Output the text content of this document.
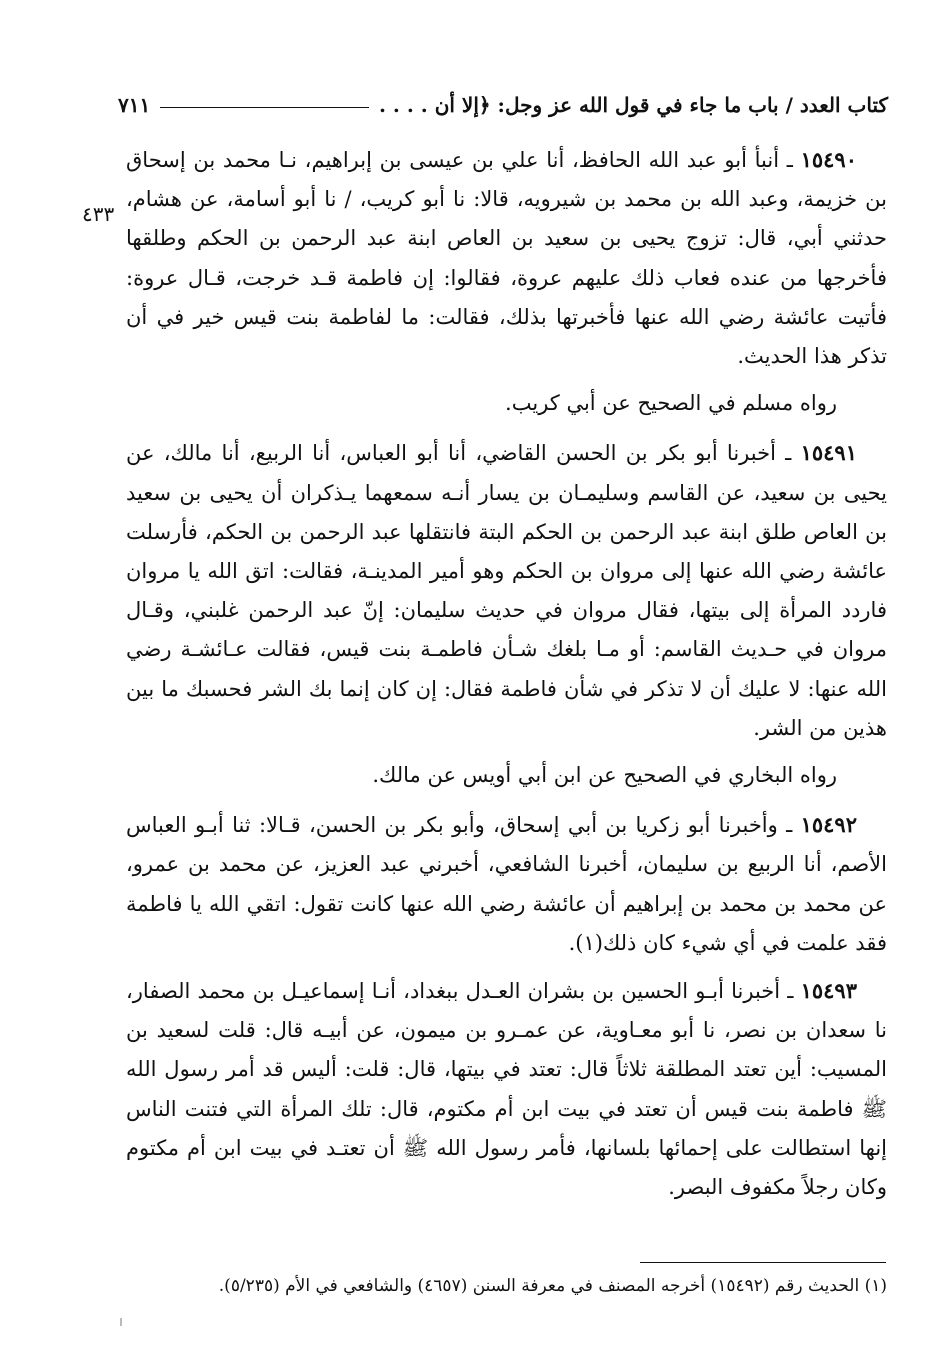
كتاب العدد / باب ما جاء في قول الله عز وجل: ﴿إلا أن . . . .
٧١١
٤٣٣

١٥٤٩٠ ـ أنبأ أبو عبد الله الحافظ، أنا علي بن عيسى بن إبراهيم، نـا محمد بن إسحاق بن خزيمة، وعبد الله بن محمد بن شيرويه، قالا: نا أبو كريب، / نا أبو أسامة، عن هشام، حدثني أبي، قال: تزوج يحيى بن سعيد بن العاص ابنة عبد الرحمن بن الحكم وطلقها فأخرجها من عنده فعاب ذلك عليهم عروة، فقالوا: إن فاطمة قـد خرجت، قـال عروة: فأتيت عائشة رضي الله عنها فأخبرتها بذلك، فقالت: ما لفاطمة بنت قيس خير في أن تذكر هذا الحديث.

رواه مسلم في الصحيح عن أبي كريب.

١٥٤٩١ ـ أخبرنا أبو بكر بن الحسن القاضي، أنا أبو العباس، أنا الربيع، أنا مالك، عن يحيى بن سعيد، عن القاسم وسليمـان بن يسار أنـه سمعهما يـذكران أن يحيى بن سعيد بن العاص طلق ابنة عبد الرحمن بن الحكم البتة فانتقلها عبد الرحمن بن الحكم، فأرسلت عائشة رضي الله عنها إلى مروان بن الحكم وهو أمير المدينـة، فقالت: اتق الله يا مروان فاردد المرأة إلى بيتها، فقال مروان في حديث سليمان: إنّ عبد الرحمن غلبني، وقـال مروان في حـديث القاسم: أو مـا بلغك شـأن فاطمـة بنت قيس، فقالت عـائشـة رضي الله عنها: لا عليك أن لا تذكر في شأن فاطمة فقال: إن كان إنما بك الشر فحسبك ما بين هذين من الشر.

رواه البخاري في الصحيح عن ابن أبي أويس عن مالك.

١٥٤٩٢ ـ وأخبرنا أبو زكريا بن أبي إسحاق، وأبو بكر بن الحسن، قـالا: ثنا أبـو العباس الأصم، أنا الربيع بن سليمان، أخبرنا الشافعي، أخبرني عبد العزيز، عن محمد بن عمرو، عن محمد بن محمد بن إبراهيم أن عائشة رضي الله عنها كانت تقول: اتقي الله يا فاطمة فقد علمت في أي شيء كان ذلك(١).

١٥٤٩٣ ـ أخبرنا أبـو الحسين بن بشران العـدل ببغداد، أنـا إسماعيـل بن محمد الصفار، نا سعدان بن نصر، نا أبو معـاوية، عن عمـرو بن ميمون، عن أبيـه قال: قلت لسعيد بن المسيب: أين تعتد المطلقة ثلاثاً قال: تعتد في بيتها، قال: قلت: أليس قد أمر رسول الله ﷺ فاطمة بنت قيس أن تعتد في بيت ابن أم مكتوم، قال: تلك المرأة التي فتنت الناس إنها استطالت على إحمائها بلسانها، فأمر رسول الله ﷺ أن تعتـد في بيت ابن أم مكتوم وكان رجلاً مكفوف البصر.

(١) الحديث رقم (١٥٤٩٢) أخرجه المصنف في معرفة السنن (٤٦٥٧) والشافعي في الأم (٥/٢٣٥).
